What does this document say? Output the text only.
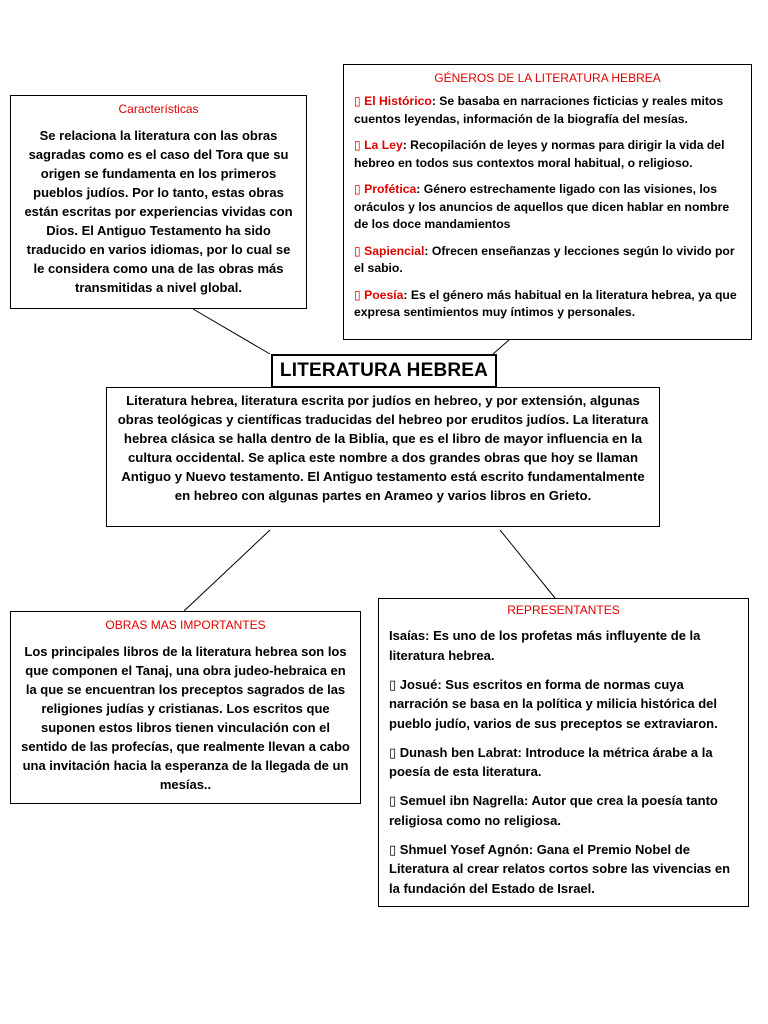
Características

Se relaciona la literatura con las obras sagradas como es el caso del Tora que su origen se fundamenta en los primeros pueblos judíos. Por lo tanto, estas obras están escritas por experiencias vividas con Dios. El Antiguo Testamento ha sido traducido en varios idiomas, por lo cual se le considera como una de las obras más transmitidas a nivel global.

GÉNEROS DE LA LITERATURA HEBREA

▯ El Histórico: Se basaba en narraciones ficticias y reales mitos cuentos leyendas, información de la biografía del mesías.
▯ La Ley: Recopilación de leyes y normas para dirigir la vida del hebreo en todos sus contextos moral habitual, o religioso.
▯ Profética: Género estrechamente ligado con las visiones, los oráculos y los anuncios de aquellos que dicen hablar en nombre de los doce mandamientos
▯ Sapiencial: Ofrecen enseñanzas y lecciones según lo vivido por el sabio.
▯ Poesía: Es el género más habitual en la literatura hebrea, ya que expresa sentimientos muy íntimos y personales.
LITERATURA HEBREA
Literatura hebrea, literatura escrita por judíos en hebreo, y por extensión, algunas obras teológicas y científicas traducidas del hebreo por eruditos judíos. La literatura hebrea clásica se halla dentro de la Biblia, que es el libro de mayor influencia en la cultura occidental. Se aplica este nombre a dos grandes obras que hoy se llaman Antiguo y Nuevo testamento. El Antiguo testamento está escrito fundamentalmente en hebreo con algunas partes en Arameo y varios libros en Grieto.

OBRAS MAS IMPORTANTES

Los principales libros de la literatura hebrea son los que componen el Tanaj, una obra judeo-hebraica en la que se encuentran los preceptos sagrados de las religiones judías y cristianas. Los escritos que suponen estos libros tienen vinculación con el sentido de las profecías, que realmente llevan a cabo una invitación hacia la esperanza de la llegada de un mesías..

REPRESENTANTES

Isaías: Es uno de los profetas más influyente de la literatura hebrea.
▯ Josué: Sus escritos en forma de normas cuya narración se basa en la política y milicia histórica del pueblo judío, varios de sus preceptos se extraviaron.
▯ Dunash ben Labrat: Introduce la métrica árabe a la poesía de esta literatura.
▯ Semuel ibn Nagrella: Autor que crea la poesía tanto religiosa como no religiosa.
▯ Shmuel Yosef Agnón: Gana el Premio Nobel de Literatura al crear relatos cortos sobre las vivencias en la fundación del Estado de Israel.
